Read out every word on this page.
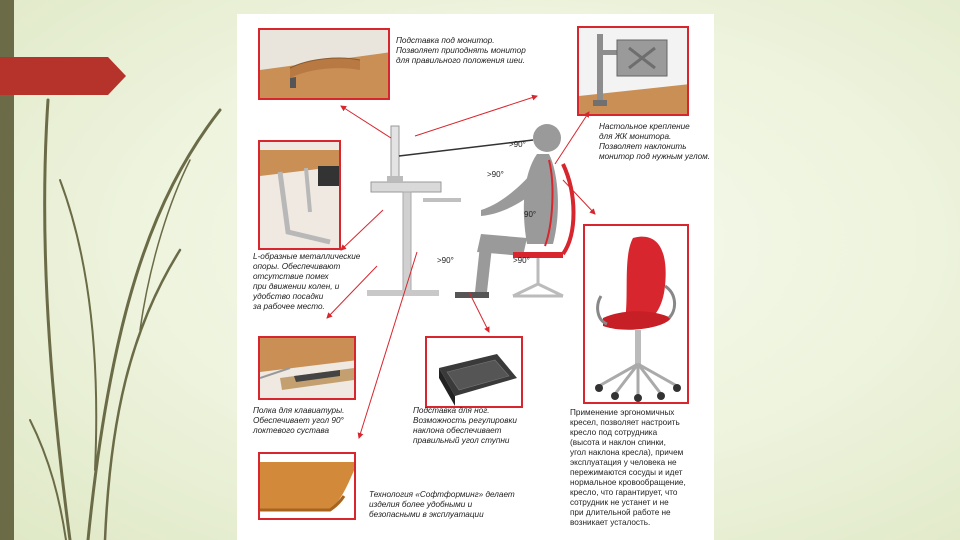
Подставка под монитор.
Позволяет приподнять монитор
для правильного положения шеи.
Настольное крепление
для ЖК монитора.
Позволяет наклонить
монитор под нужным углом.
L-образные металлические
опоры. Обеспечивают
отсутствие помех
при движении колен, и
удобство посадки
за рабочее место.
>90°
>90°
90°
>90°	>90°
Применение эргономичных
кресел, позволяет настроить
кресло под сотрудника
(высота и наклон спинки,
угол наклона кресла), причем
эксплуатация у человека не
пережимаются сосуды и идет
нормальное кровообращение,
кресло, что гарантирует, что
сотрудник не устанет и не
при длительной работе не
возникает усталость.
Полка для клавиатуры.
Обеспечивает угол 90°
локтевого сустава
Подставка для ног.
Возможность регулировки
наклона обеспечивает
правильный угол ступни
Технология «Софтформинг» делает
изделия более удобными и
безопасными в эксплуатации
